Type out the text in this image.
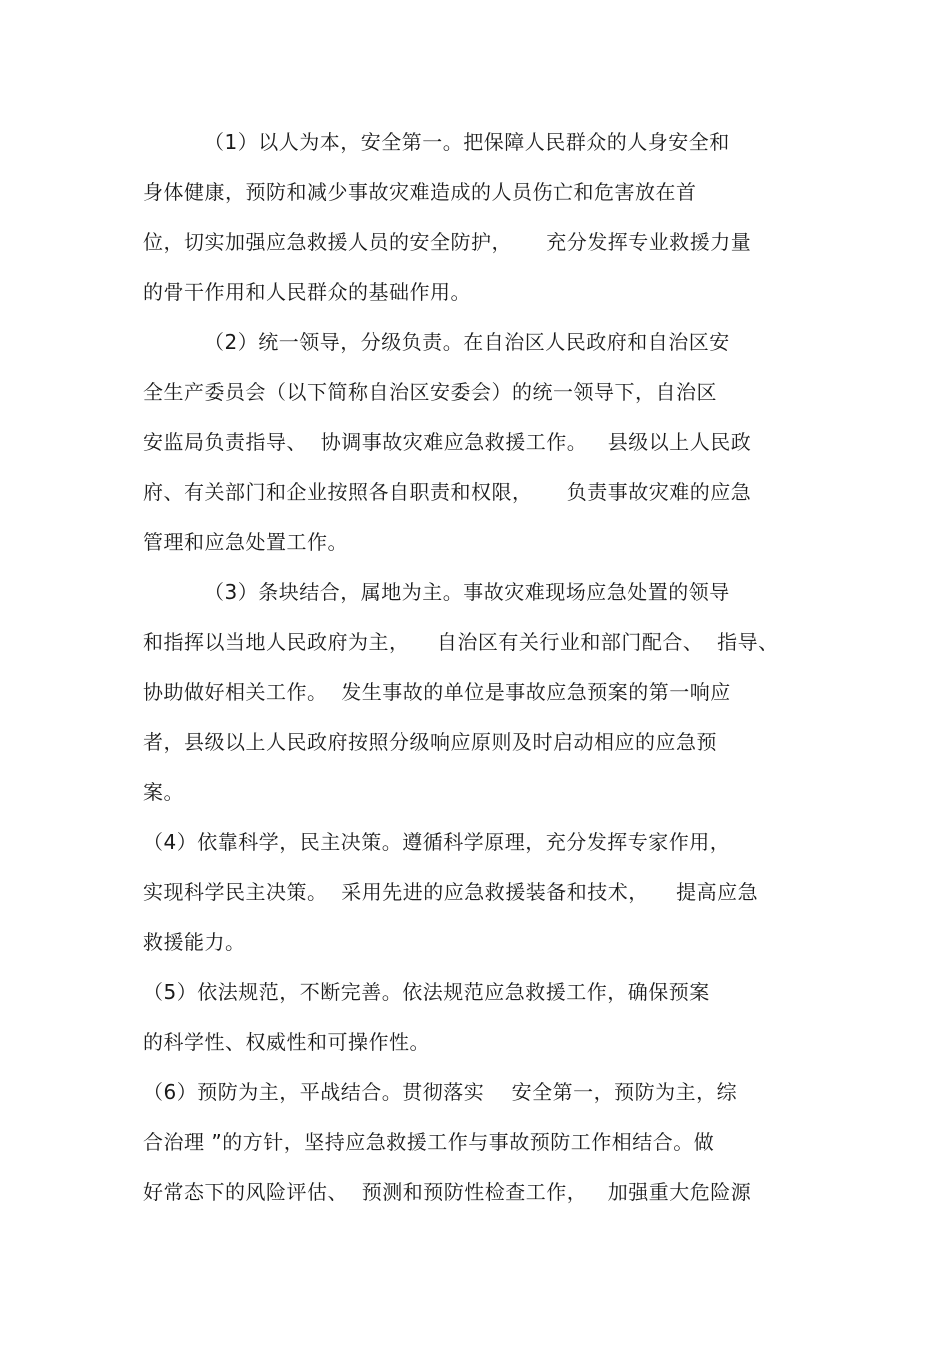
（1）以人为本，安全第一。把保障人民群众的人身安全和
身体健康，预防和减少事故灾难造成的人员伤亡和危害放在首
位，切实加强应急救援人员的安全防护，     充分发挥专业救援力量
的骨干作用和人民群众的基础作用。
（2）统一领导，分级负责。在自治区人民政府和自治区安
全生产委员会（以下简称自治区安委会）的统一领导下，自治区
安监局负责指导、  协调事故灾难应急救援工作。   县级以上人民政
府、有关部门和企业按照各自职责和权限，     负责事故灾难的应急
管理和应急处置工作。
（3）条块结合，属地为主。事故灾难现场应急处置的领导
和指挥以当地人民政府为主，    自治区有关行业和部门配合、  指导、
协助做好相关工作。  发生事故的单位是事故应急预案的第一响应
者，县级以上人民政府按照分级响应原则及时启动相应的应急预
案。
（4）依靠科学，民主决策。遵循科学原理，充分发挥专家作用，
实现科学民主决策。  采用先进的应急救援装备和技术，    提高应急
救援能力。
（5）依法规范，不断完善。依法规范应急救援工作，确保预案
的科学性、权威性和可操作性。
（6）预防为主，平战结合。贯彻落实    安全第一，预防为主，综
合治理 ”的方针，坚持应急救援工作与事故预防工作相结合。做
好常态下的风险评估、  预测和预防性检查工作，   加强重大危险源
